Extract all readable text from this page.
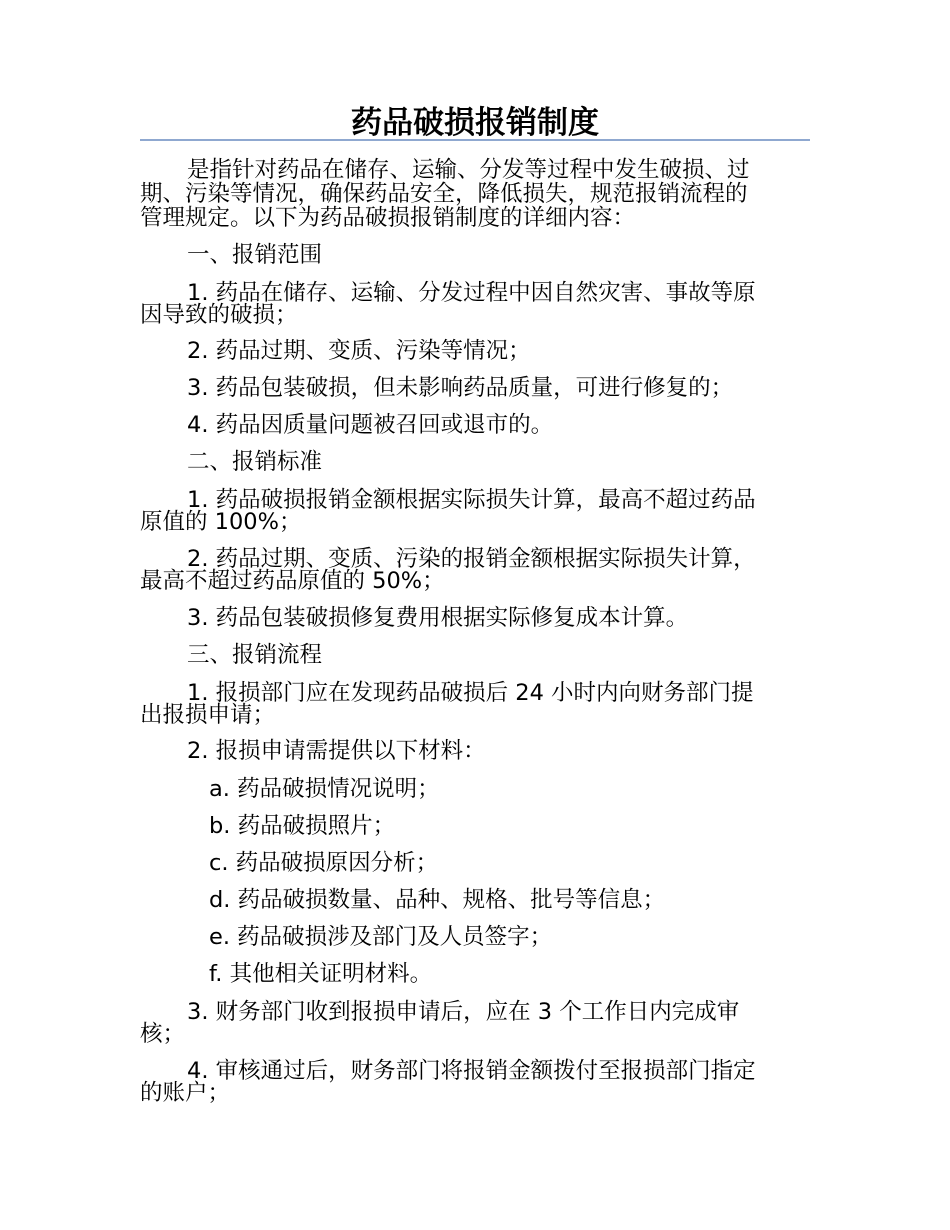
药品破损报销制度
是指针对药品在储存、运输、分发等过程中发生破损、过
期、污染等情况，确保药品安全，降低损失，规范报销流程的
管理规定。以下为药品破损报销制度的详细内容：
一、报销范围
1. 药品在储存、运输、分发过程中因自然灾害、事故等原
因导致的破损；
2. 药品过期、变质、污染等情况；
3. 药品包装破损，但未影响药品质量，可进行修复的；
4. 药品因质量问题被召回或退市的。
二、报销标准
1. 药品破损报销金额根据实际损失计算，最高不超过药品
原值的 100%；
2. 药品过期、变质、污染的报销金额根据实际损失计算，
最高不超过药品原值的 50%；
3. 药品包装破损修复费用根据实际修复成本计算。
三、报销流程
1. 报损部门应在发现药品破损后 24 小时内向财务部门提
出报损申请；
2. 报损申请需提供以下材料：
a. 药品破损情况说明；
b. 药品破损照片；
c. 药品破损原因分析；
d. 药品破损数量、品种、规格、批号等信息；
e. 药品破损涉及部门及人员签字；
f. 其他相关证明材料。
3. 财务部门收到报损申请后，应在 3 个工作日内完成审
核；
4. 审核通过后，财务部门将报销金额拨付至报损部门指定
的账户；
